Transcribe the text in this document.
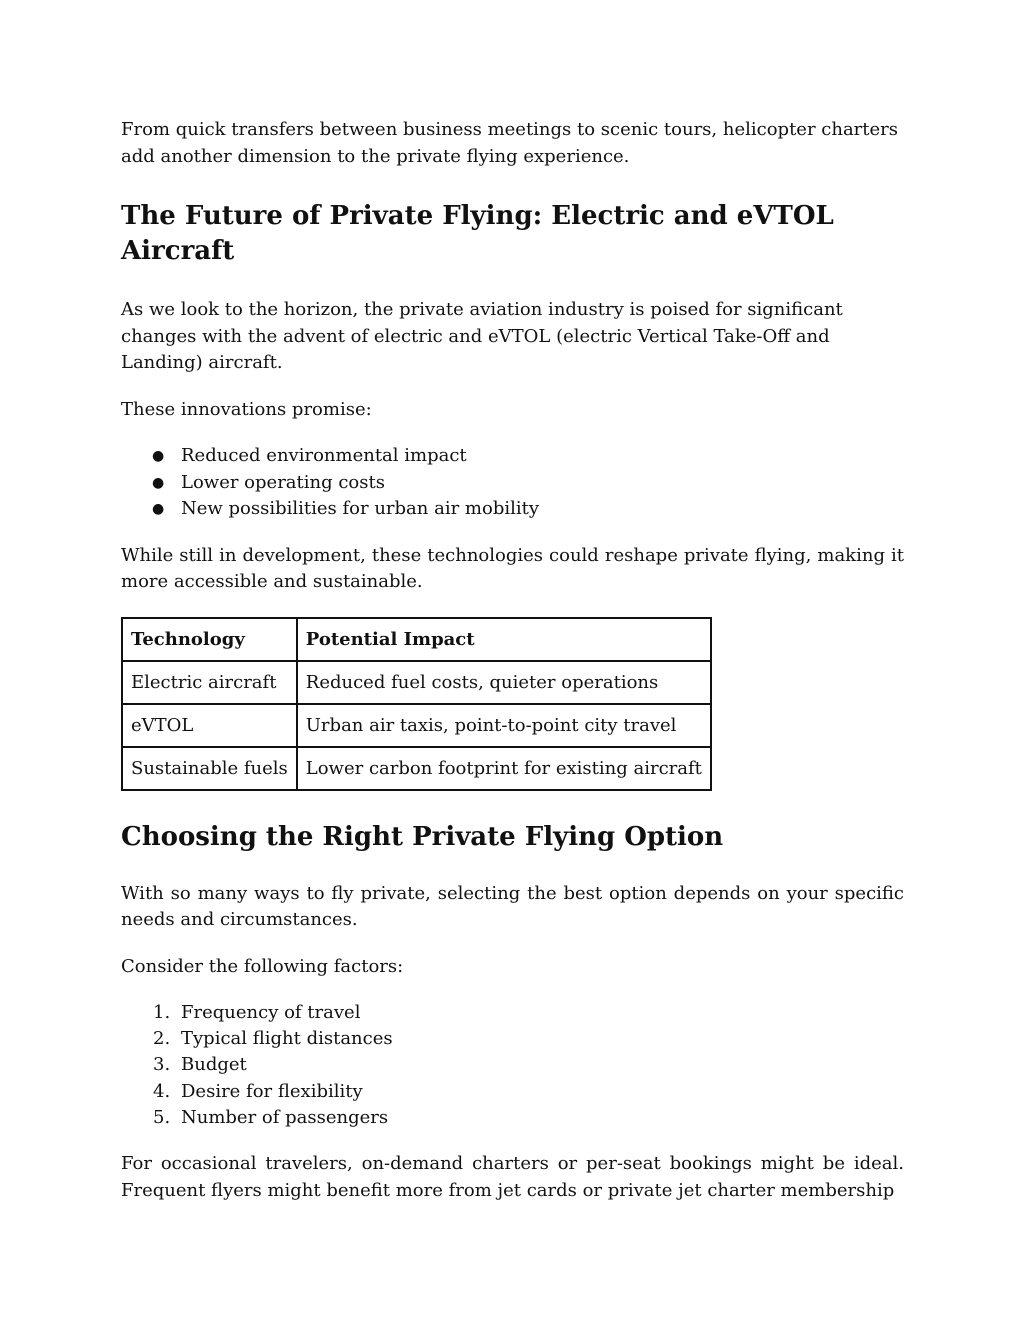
From quick transfers between business meetings to scenic tours, helicopter charters add another dimension to the private flying experience.

The Future of Private Flying: Electric and eVTOL Aircraft

As we look to the horizon, the private aviation industry is poised for significant changes with the advent of electric and eVTOL (electric Vertical Take-Off and Landing) aircraft.

These innovations promise:

● Reduced environmental impact
● Lower operating costs
● New possibilities for urban air mobility

While still in development, these technologies could reshape private flying, making it more accessible and sustainable.

Technology	Potential Impact
Electric aircraft	Reduced fuel costs, quieter operations
eVTOL	Urban air taxis, point-to-point city travel
Sustainable fuels	Lower carbon footprint for existing aircraft
Choosing the Right Private Flying Option

With so many ways to fly private, selecting the best option depends on your specific needs and circumstances.

Consider the following factors:

1. Frequency of travel
2. Typical flight distances
3. Budget
4. Desire for flexibility
5. Number of passengers

For occasional travelers, on-demand charters or per-seat bookings might be ideal. Frequent flyers might benefit more from jet cards or private jet charter membership
